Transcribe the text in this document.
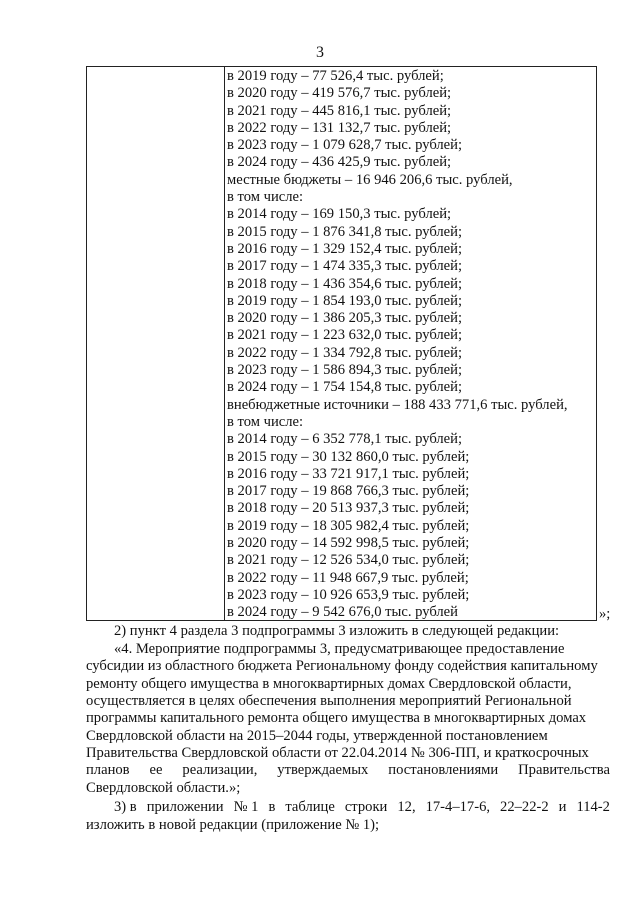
3
в 2019 году – 77 526,4 тыс. рублей;
в 2020 году – 419 576,7 тыс. рублей;
в 2021 году – 445 816,1 тыс. рублей;
в 2022 году – 131 132,7 тыс. рублей;
в 2023 году – 1 079 628,7 тыс. рублей;
в 2024 году – 436 425,9 тыс. рублей;
местные бюджеты – 16 946 206,6 тыс. рублей,
в том числе:
в 2014 году – 169 150,3 тыс. рублей;
в 2015 году – 1 876 341,8 тыс. рублей;
в 2016 году – 1 329 152,4 тыс. рублей;
в 2017 году – 1 474 335,3 тыс. рублей;
в 2018 году – 1 436 354,6 тыс. рублей;
в 2019 году – 1 854 193,0 тыс. рублей;
в 2020 году – 1 386 205,3 тыс. рублей;
в 2021 году – 1 223 632,0 тыс. рублей;
в 2022 году – 1 334 792,8 тыс. рублей;
в 2023 году – 1 586 894,3 тыс. рублей;
в 2024 году – 1 754 154,8 тыс. рублей;
внебюджетные источники – 188 433 771,6 тыс. рублей,
в том числе:
в 2014 году – 6 352 778,1 тыс. рублей;
в 2015 году – 30 132 860,0 тыс. рублей;
в 2016 году – 33 721 917,1 тыс. рублей;
в 2017 году – 19 868 766,3 тыс. рублей;
в 2018 году – 20 513 937,3 тыс. рублей;
в 2019 году – 18 305 982,4 тыс. рублей;
в 2020 году – 14 592 998,5 тыс. рублей;
в 2021 году – 12 526 534,0 тыс. рублей;
в 2022 году – 11 948 667,9 тыс. рублей;
в 2023 году – 10 926 653,9 тыс. рублей;
в 2024 году – 9 542 676,0 тыс. рублей	»;
2) пункт 4 раздела 3 подпрограммы 3 изложить в следующей редакции:
«4. Мероприятие подпрограммы 3, предусматривающее предоставление
субсидии из областного бюджета Региональному фонду содействия капитальному
ремонту общего имущества в многоквартирных домах Свердловской области,
осуществляется в целях обеспечения выполнения мероприятий Региональной
программы капитального ремонта общего имущества в многоквартирных домах
Свердловской области на 2015–2044 годы, утвержденной постановлением
Правительства Свердловской области от 22.04.2014 № 306-ПП, и краткосрочных
планов ее реализации, утверждаемых постановлениями Правительства
Свердловской области.»;
3) в приложении № 1 в таблице строки 12, 17-4–17-6, 22–22-2 и 114-2
изложить в новой редакции (приложение № 1);
